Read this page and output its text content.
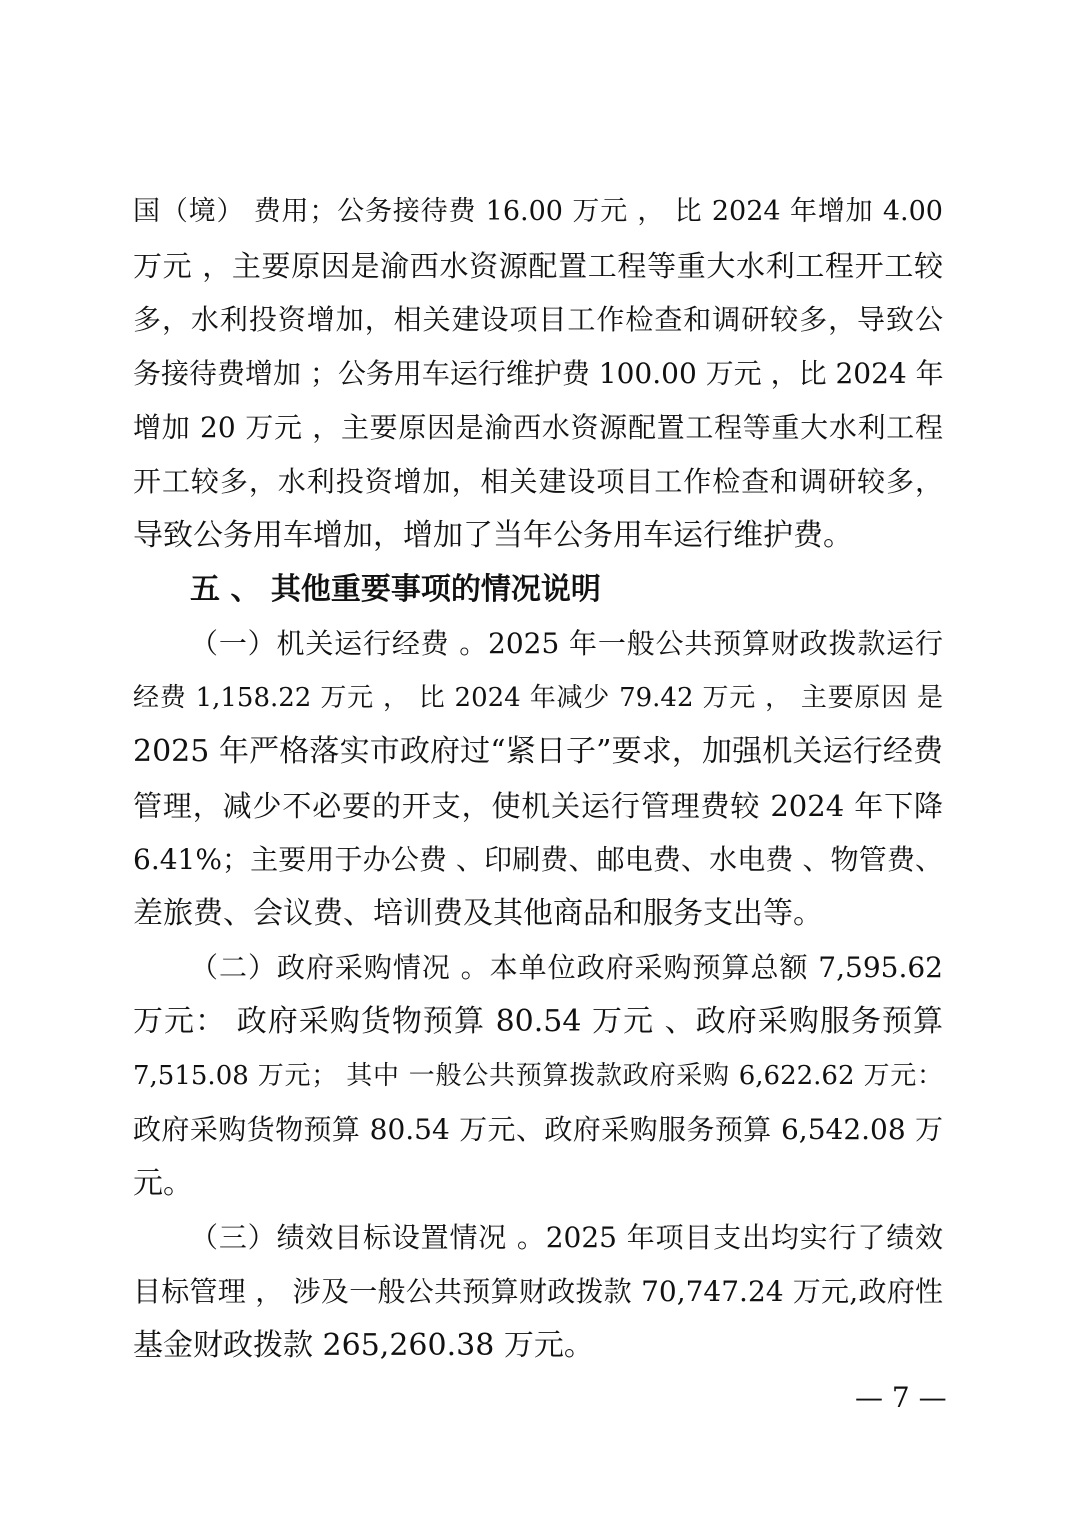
国（境） 费用；公务接待费 16.00 万元 ， 比 2024 年增加 4.00
万元 ，主要原因是渝西水资源配置工程等重大水利工程开工较
多，水利投资增加，相关建设项目工作检查和调研较多，导致公
务接待费增加 ；公务用车运行维护费 100.00 万元 ，比 2024 年
增加 20 万元 ，主要原因是渝西水资源配置工程等重大水利工程
开工较多，水利投资增加，相关建设项目工作检查和调研较多，
导致公务用车增加，增加了当年公务用车运行维护费。
五 、 其他重要事项的情况说明
（一）机关运行经费 。2025 年一般公共预算财政拨款运行
经费 1,158.22 万元 ， 比 2024 年减少 79.42 万元 ， 主要原因 是
2025 年严格落实市政府过“紧日子”要求，加强机关运行经费
管理，减少不必要的开支，使机关运行管理费较 2024 年下降
6.41%；主要用于办公费 、印刷费、邮电费、水电费 、物管费、
差旅费、会议费、培训费及其他商品和服务支出等。
（二）政府采购情况 。本单位政府采购预算总额 7,595.62
万元： 政府采购货物预算 80.54 万元 、政府采购服务预算
7,515.08 万元； 其中 一般公共预算拨款政府采购 6,622.62 万元：
政府采购货物预算 80.54 万元、政府采购服务预算 6,542.08 万
元。
（三）绩效目标设置情况 。2025 年项目支出均实行了绩效
目标管理 ， 涉及一般公共预算财政拨款 70,747.24 万元,政府性
基金财政拨款 265,260.38 万元。
— 7 —
